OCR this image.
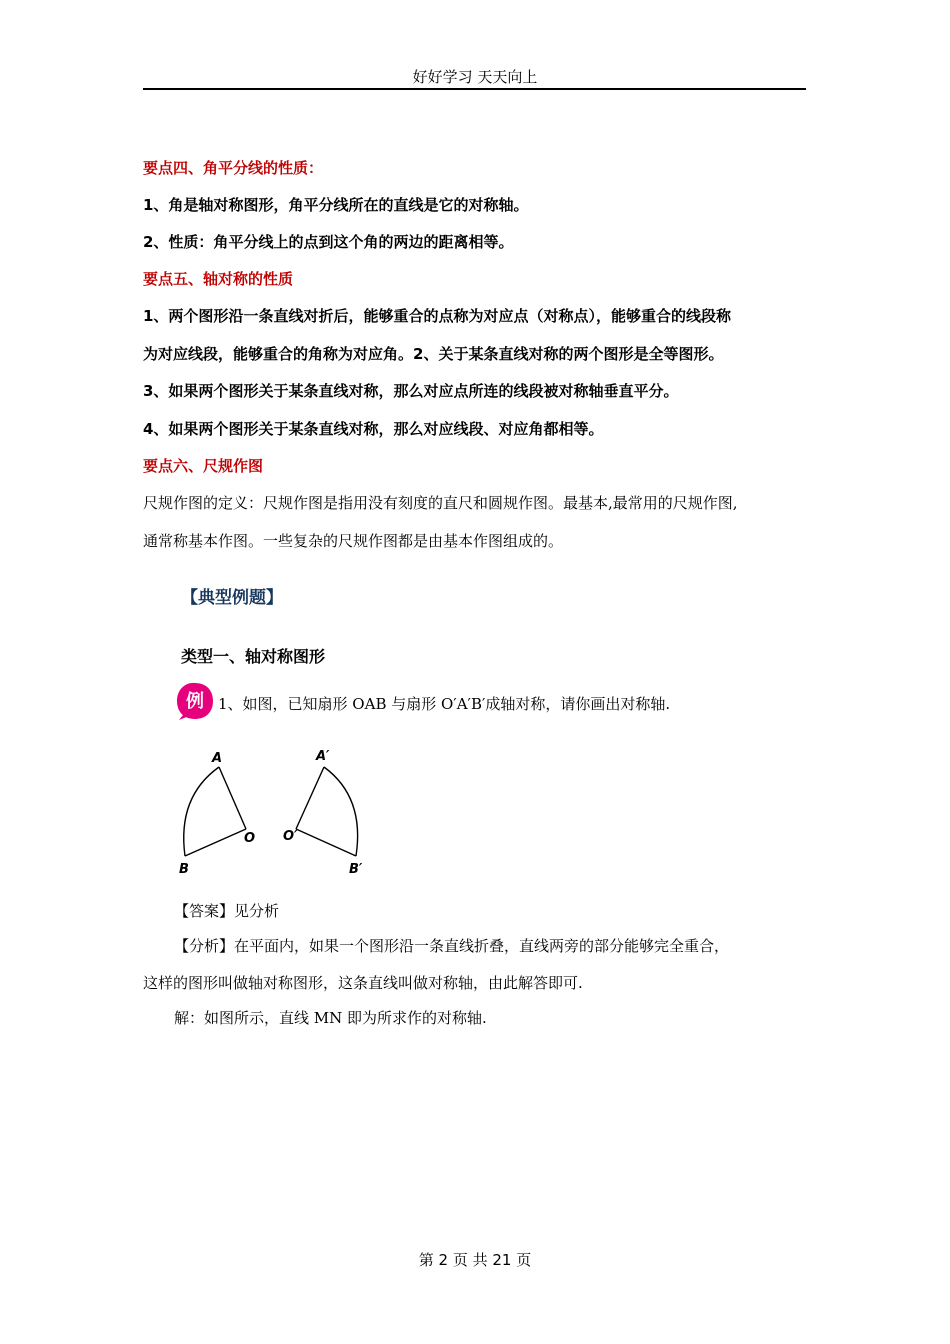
好好学习 天天向上
要点四、角平分线的性质：
1、角是轴对称图形，角平分线所在的直线是它的对称轴。
2、性质：角平分线上的点到这个角的两边的距离相等。
要点五、轴对称的性质
1、两个图形沿一条直线对折后，能够重合的点称为对应点（对称点），能够重合的线段称
为对应线段，能够重合的角称为对应角。2、关于某条直线对称的两个图形是全等图形。
3、如果两个图形关于某条直线对称，那么对应点所连的线段被对称轴垂直平分。
4、如果两个图形关于某条直线对称，那么对应线段、对应角都相等。
要点六、尺规作图
尺规作图的定义：尺规作图是指用没有刻度的直尺和圆规作图。最基本,最常用的尺规作图,
通常称基本作图。一些复杂的尺规作图都是由基本作图组成的。
【典型例题】
类型一、轴对称图形
例 1、如图，已知扇形 OAB 与扇形 O′A′B′成轴对称，请你画出对称轴.
A
O
B
A′
O′
B′
【答案】见分析
【分析】在平面内，如果一个图形沿一条直线折叠，直线两旁的部分能够完全重合，
这样的图形叫做轴对称图形，这条直线叫做对称轴，由此解答即可.
解：如图所示，直线 MN 即为所求作的对称轴.
第 2 页 共 21 页
